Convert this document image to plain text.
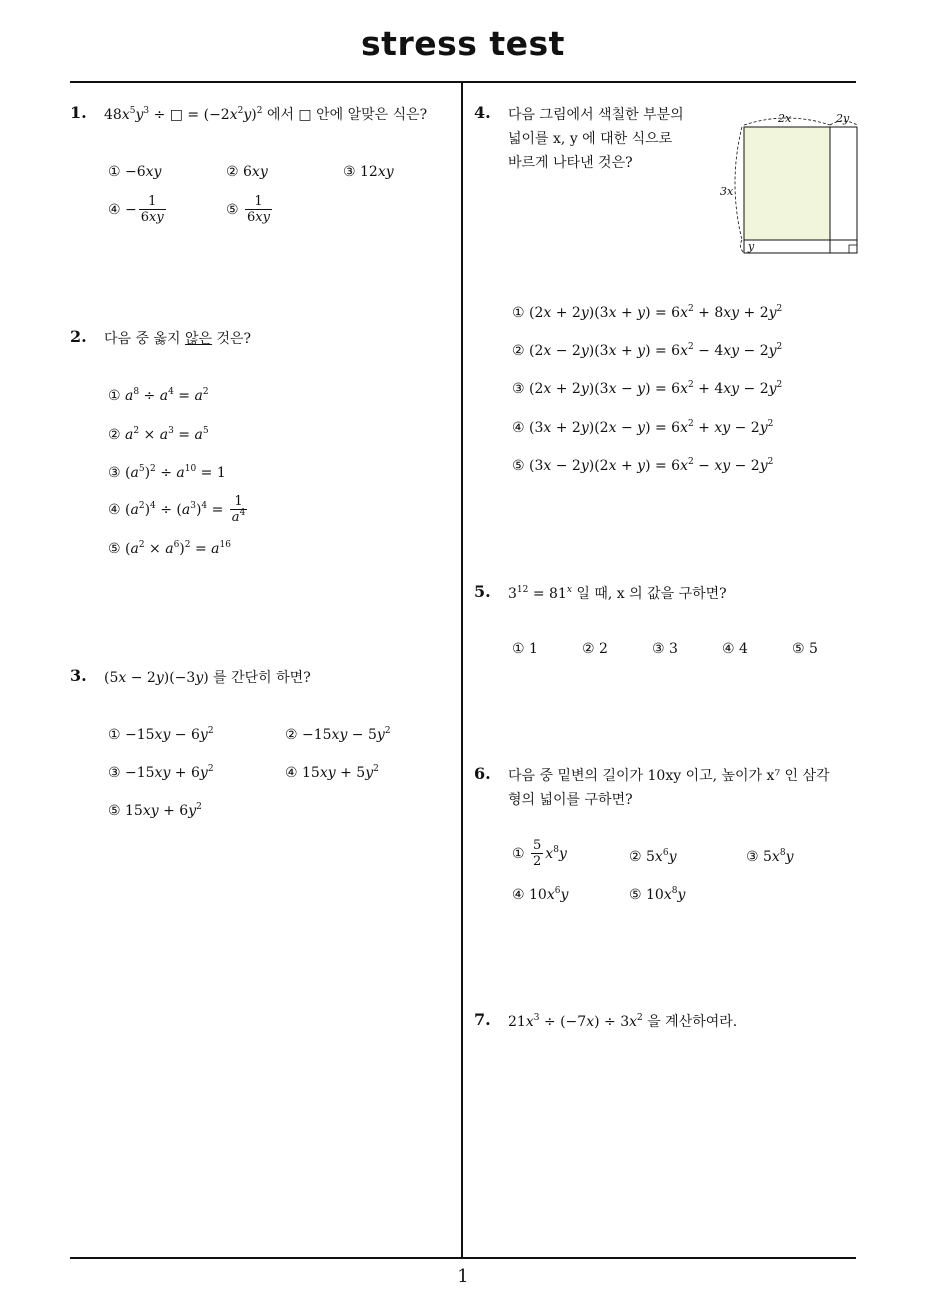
stress test
1
1. $48x^5y^3$ ÷ □ = $(-2x^2y)^2$ 에서 □ 안에 알맞은 식은?
① −6xy	② 6xy	③ 12xy
④ − $\frac{1}{6xy}$	⑤ $\frac{1}{6xy}$
2. 다음 중 옳지 않은 것은?
① $a^8 \div a^4 = a^2$
② $a^2 \times a^3 = a^5$
③ $(a^5)^2 \div a^{10} = 1$
④ $(a^2)^4 \div (a^3)^4 = \frac{1}{a^4}$
⑤ $(a^2 \times a^6)^2 = a^{16}$
3. (5x − 2y)(−3y) 를 간단히 하면?
① $-15xy - 6y^2$	② $-15xy - 5y^2$
③ $-15xy + 6y^2$	④ $15xy + 5y^2$
⑤ $15xy + 6y^2$
4. 다음 그림에서 색칠한 부분의
넓이를 x, y 에 대한 식으로
바르게 나타낸 것은?
2x	2y
3x
y
① $(2x + 2y)(3x + y) = 6x^2 + 8xy + 2y^2$
② $(2x - 2y)(3x + y) = 6x^2 - 4xy - 2y^2$
③ $(2x + 2y)(3x - y) = 6x^2 + 4xy - 2y^2$
④ $(3x + 2y)(2x - y) = 6x^2$ + xy − $2y^2$
⑤ $(3x - 2y)(2x + y) = 6x^2$ − xy − $2y^2$
5. $3^{12} = 81^x$ 일 때, x 의 값을 구하면?
① 1	② 2	③ 3	④ 4	⑤ 5
6. 다음 중 밑변의 길이가 10xy 이고, 높이가 x⁷ 인 삼각
형의 넓이를 구하면?
① $\frac{5}{2} x^8y$	② $5x^6y$	③ $5x^8y$
④ $10x^6y$	⑤ $10x^8y$
7. $21x^3 \div (-7x) \div 3x^2$ 을 계산하여라.
